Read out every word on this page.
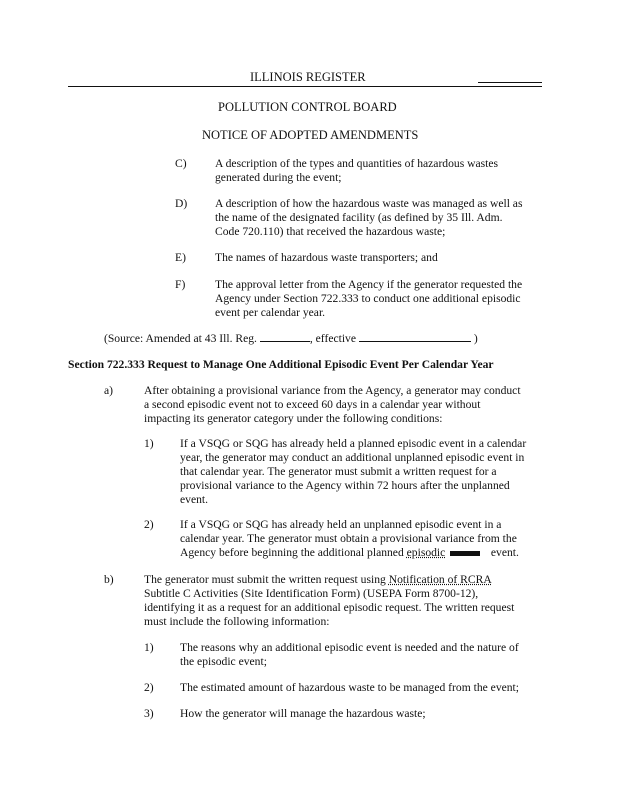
ILLINOIS REGISTER
POLLUTION CONTROL BOARD
NOTICE OF ADOPTED AMENDMENTS
C) A description of the types and quantities of hazardous wastes
generated during the event;
D) A description of how the hazardous waste was managed as well as
the name of the designated facility (as defined by 35 Ill. Adm.
Code 720.110) that received the hazardous waste;
E)	The names of hazardous waste transporters; and
F)	The approval letter from the Agency if the generator requested the
Agency under Section 722.333 to conduct one additional episodic
event per calendar year.
(Source: Amended at 43 Ill. Reg.	, effective	)
Section 722.333 Request to Manage One Additional Episodic Event Per Calendar Year
a)	After obtaining a provisional variance from the Agency, a generator may conduct
a second episodic event not to exceed 60 days in a calendar year without
impacting its generator category under the following conditions:
1) If a VSQG or SQG has already held a planned episodic event in a calendar
year, the generator may conduct an additional unplanned episodic event in
that calendar year. The generator must submit a written request for a
provisional variance to the Agency within 72 hours after the unplanned
event.
2) If a VSQG or SQG has already held an unplanned episodic event in a
calendar year. The generator must obtain a provisional variance from the
Agency before beginning the additional planned episodic	event.
b)	The generator must submit the written request using Notification of RCRA
Subtitle C Activities (Site Identification Form) (USEPA Form 8700-12),
identifying it as a request for an additional episodic request. The written request
must include the following information:
1) The reasons why an additional episodic event is needed and the nature of
the episodic event;
2) The estimated amount of hazardous waste to be managed from the event;
3) How the generator will manage the hazardous waste;
